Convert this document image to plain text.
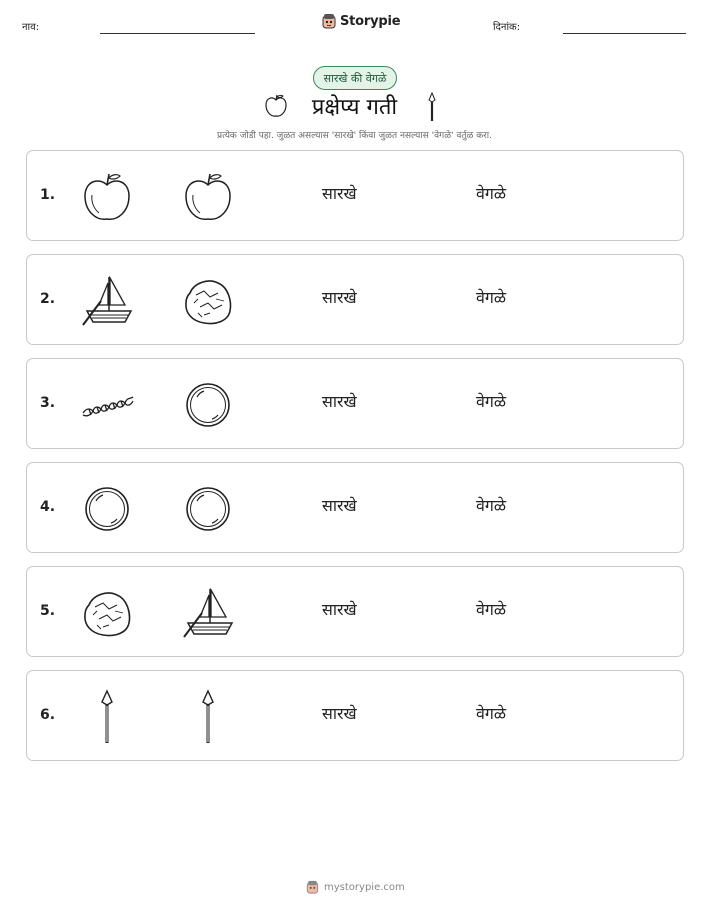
नाव:	Storypie	दिनांक:
सारखे की वेगळे
प्रक्षेप्य गती
प्रत्येक जोडी पहा. जुळत असल्यास 'सारखे' किंवा जुळत नसल्यास 'वेगळे' वर्तुळ करा.
1.	सारखे	वेगळे
2.	सारखे	वेगळे
3.	सारखे	वेगळे
4.	सारखे	वेगळे
5.	सारखे	वेगळे
6.	सारखे	वेगळे
mystorypie.com
